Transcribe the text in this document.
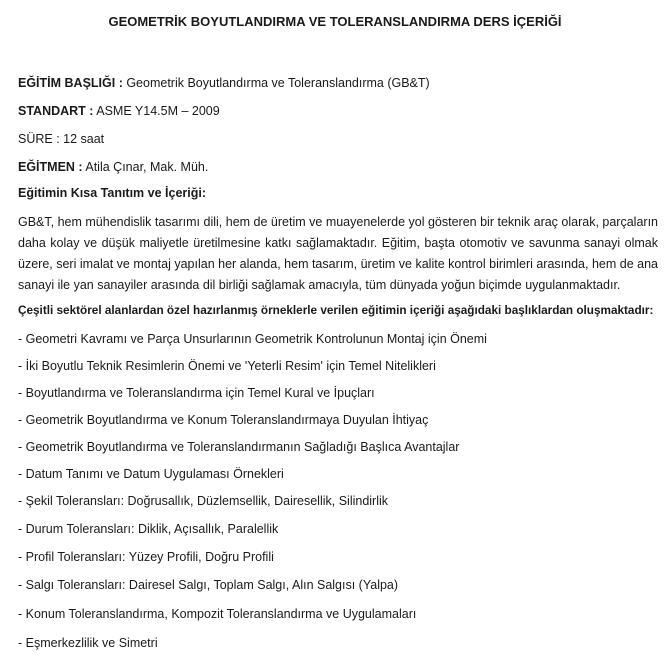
GEOMETRİK BOYUTLANDIRMA VE TOLERANSLANDIRMA DERS İÇERİĞİ
EĞİTİM BAŞLIĞI : Geometrik Boyutlandırma ve Toleranslandırma (GB&T)
STANDART : ASME Y14.5M – 2009
SÜRE : 12 saat
EĞİTMEN : Atila Çınar, Mak. Müh.
Eğitimin Kısa Tanıtım ve İçeriği:
GB&T, hem mühendislik tasarımı dili, hem de üretim ve muayenelerde yol gösteren bir teknik araç olarak, parçaların daha kolay ve düşük maliyetle üretilmesine katkı sağlamaktadır. Eğitim, başta otomotiv ve savunma sanayi olmak üzere, seri imalat ve montaj yapılan her alanda, hem tasarım, üretim ve kalite kontrol birimleri arasında, hem de ana sanayi ile yan sanayiler arasında dil birliği sağlamak amacıyla, tüm dünyada yoğun biçimde uygulanmaktadır.
Çeşitli sektörel alanlardan özel hazırlanmış örneklerle verilen eğitimin içeriği aşağıdaki başlıklardan oluşmaktadır:
- Geometri Kavramı ve Parça Unsurlarının Geometrik Kontrolunun Montaj için Önemi
- İki Boyutlu Teknik Resimlerin Önemi ve 'Yeterli Resim' için Temel Nitelikleri
- Boyutlandırma ve Toleranslandırma için Temel Kural ve İpuçları
- Geometrik Boyutlandırma ve Konum Toleranslandırmaya Duyulan İhtiyaç
- Geometrik Boyutlandırma ve Toleranslandırmanın Sağladığı Başlıca Avantajlar
- Datum Tanımı ve Datum Uygulaması Örnekleri
- Şekil Toleransları: Doğrusallık, Düzlemsellik, Dairesellik, Silindirlik
- Durum Toleransları: Diklik, Açısallık, Paralellik
- Profil Toleransları: Yüzey Profili, Doğru Profili
- Salgı Toleransları: Dairesel Salgı, Toplam Salgı, Alın Salgısı (Yalpa)
- Konum Toleranslandırma, Kompozit Toleranslandırma ve Uygulamaları
- Eşmerkezlilik ve Simetri
